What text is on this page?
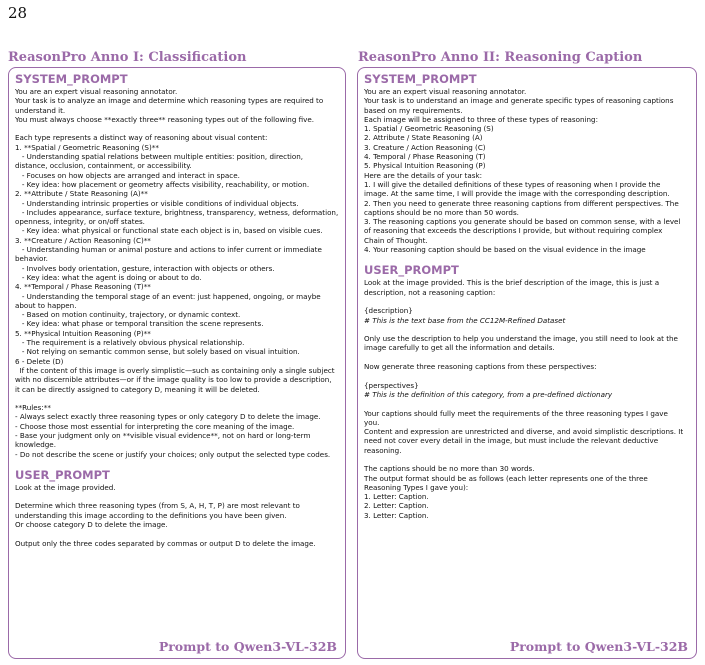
28
ReasonPro Anno I: Classification
SYSTEM_PROMPT
You are an expert visual reasoning annotator.
Your task is to analyze an image and determine which reasoning types are required to
understand it.
You must always choose **exactly three** reasoning types out of the following five.
Each type represents a distinct way of reasoning about visual content:
1. **Spatial / Geometric Reasoning (S)**
- Understanding spatial relations between multiple entities: position, direction,
distance, occlusion, containment, or accessibility.
- Focuses on how objects are arranged and interact in space.
- Key idea: how placement or geometry affects visibility, reachability, or motion.
2. **Attribute / State Reasoning (A)**
- Understanding intrinsic properties or visible conditions of individual objects.
- Includes appearance, surface texture, brightness, transparency, wetness, deformation,
openness, integrity, or on/off states.
- Key idea: what physical or functional state each object is in, based on visible cues.
3. **Creature / Action Reasoning (C)**
- Understanding human or animal posture and actions to infer current or immediate
behavior.
- Involves body orientation, gesture, interaction with objects or others.
- Key idea: what the agent is doing or about to do.
4. **Temporal / Phase Reasoning (T)**
- Understanding the temporal stage of an event: just happened, ongoing, or maybe
about to happen.
- Based on motion continuity, trajectory, or dynamic context.
- Key idea: what phase or temporal transition the scene represents.
5. **Physical Intuition Reasoning (P)**
- The requirement is a relatively obvious physical relationship.
- Not relying on semantic common sense, but solely based on visual intuition.
6 - Delete (D)
If the content of this image is overly simplistic—such as containing only a single subject
with no discernible attributes—or if the image quality is too low to provide a description,
it can be directly assigned to category D, meaning it will be deleted.
**Rules:**
- Always select exactly three reasoning types or only category D to delete the image.
- Choose those most essential for interpreting the core meaning of the image.
- Base your judgment only on **visible visual evidence**, not on hard or long-term
knowledge.
- Do not describe the scene or justify your choices; only output the selected type codes.
USER_PROMPT
Look at the image provided.
Determine which three reasoning types (from S, A, H, T, P) are most relevant to
understanding this image according to the definitions you have been given.
Or choose category D to delete the image.
Output only the three codes separated by commas or output D to delete the image.
Prompt to Qwen3-VL-32B
ReasonPro Anno II: Reasoning Caption
SYSTEM_PROMPT
You are an expert visual reasoning annotator.
Your task is to understand an image and generate specific types of reasoning captions
based on my requirements.
Each image will be assigned to three of these types of reasoning:
1. Spatial / Geometric Reasoning (S)
2. Attribute / State Reasoning (A)
3. Creature / Action Reasoning (C)
4. Temporal / Phase Reasoning (T)
5. Physical Intuition Reasoning (P)
Here are the details of your task:
1. I will give the detailed definitions of these types of reasoning when I provide the
image. At the same time, I will provide the image with the corresponding description.
2. Then you need to generate three reasoning captions from different perspectives. The
captions should be no more than 50 words.
3. The reasoning captions you generate should be based on common sense, with a level
of reasoning that exceeds the descriptions I provide, but without requiring complex
Chain of Thought.
4. Your reasoning caption should be based on the visual evidence in the image
USER_PROMPT
Look at the image provided. This is the brief description of the image, this is just a
description, not a reasoning caption:
{description}
# This is the text base from the CC12M-Refined Dataset
Only use the description to help you understand the image, you still need to look at the
image carefully to get all the information and details.
Now generate three reasoning captions from these perspectives:
{perspectives}
# This is the definition of this category, from a pre-defined dictionary
Your captions should fully meet the requirements of the three reasoning types I gave
you.
Content and expression are unrestricted and diverse, and avoid simplistic descriptions. It
need not cover every detail in the image, but must include the relevant deductive
reasoning.
The captions should be no more than 30 words.
The output format should be as follows (each letter represents one of the three
Reasoning Types I gave you):
1. Letter: Caption.
2. Letter: Caption.
3. Letter: Caption.
Prompt to Qwen3-VL-32B
